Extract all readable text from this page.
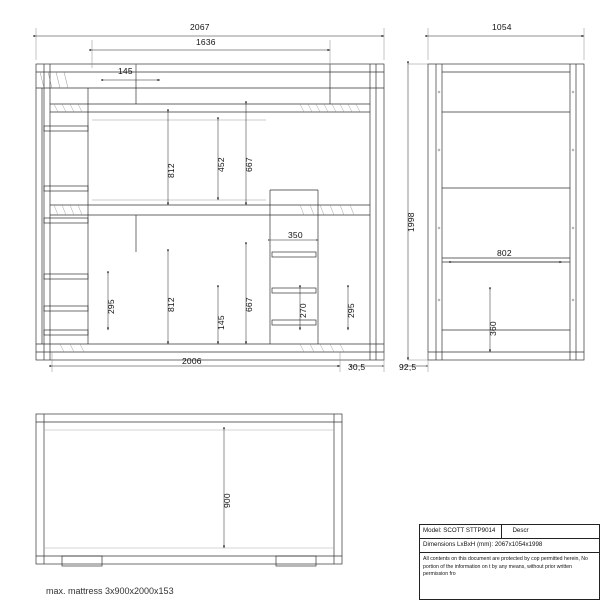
2067
1636
145
812	452 667
812	667
145
295	295
350
270
2006
30,5
1054
1998
802
360
92,5
900
max. mattress 3x900x2000x153
Model: SCOTT STTP9014	Descr
Dimensions LxBxH (mm): 2067x1054x1998
All contents on this document are protected by cop permitted herein, No portion of the information on t by any means, without prior written permission fro
